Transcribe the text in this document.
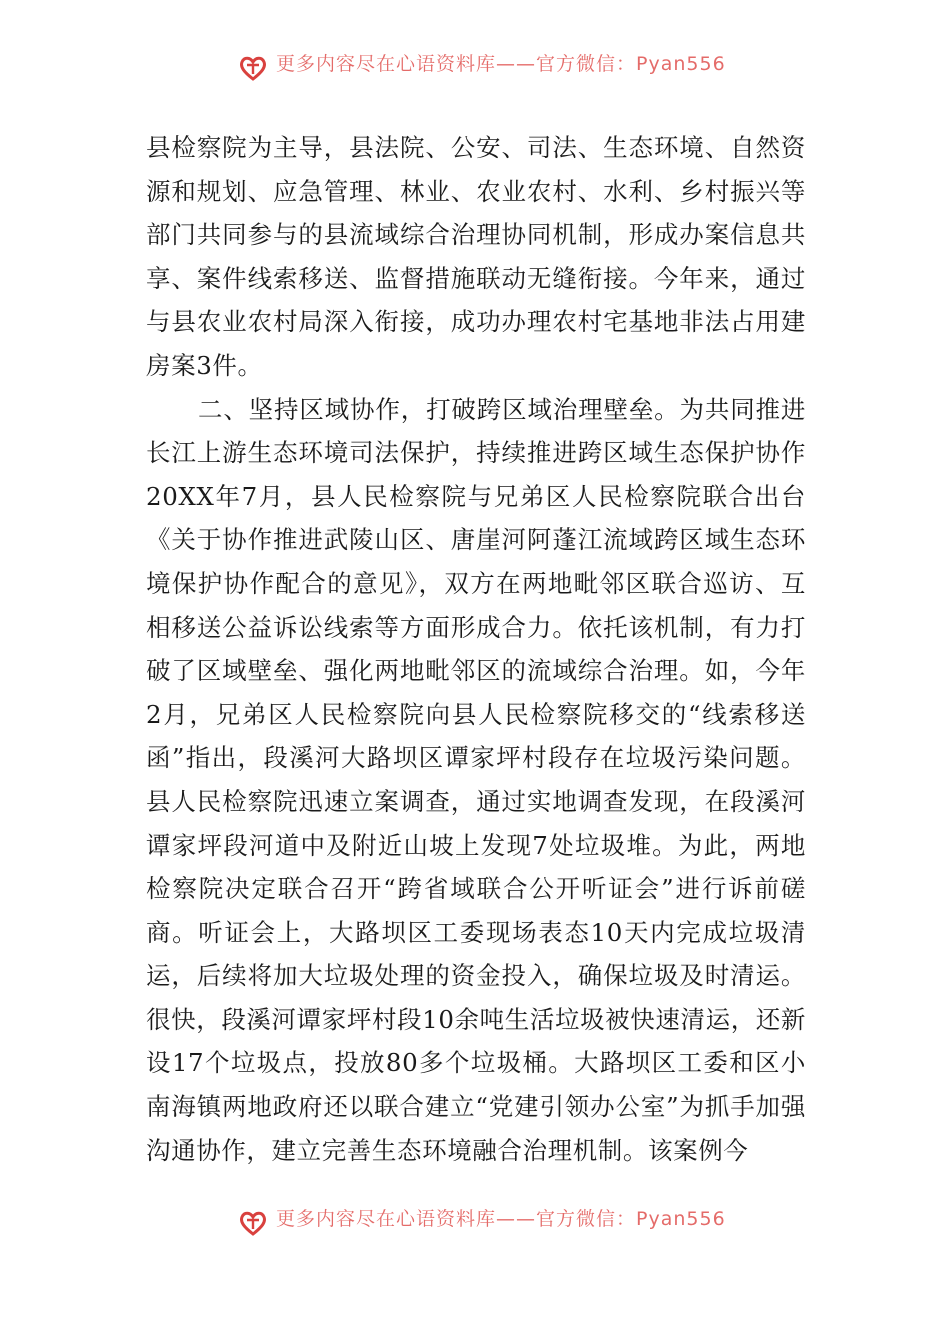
更多内容尽在心语资料库——官方微信：Pyan556

县检察院为主导，县法院、公安、司法、生态环境、自然资源和规划、应急管理、林业、农业农村、水利、乡村振兴等部门共同参与的县流域综合治理协同机制，形成办案信息共享、案件线索移送、监督措施联动无缝衔接。今年来，通过与县农业农村局深入衔接，成功办理农村宅基地非法占用建房案3件。

二、坚持区域协作，打破跨区域治理壁垒。为共同推进长江上游生态环境司法保护，持续推进跨区域生态保护协作20XX年7月，县人民检察院与兄弟区人民检察院联合出台《关于协作推进武陵山区、唐崖河阿蓬江流域跨区域生态环境保护协作配合的意见》，双方在两地毗邻区联合巡访、互相移送公益诉讼线索等方面形成合力。依托该机制，有力打破了区域壁垒、强化两地毗邻区的流域综合治理。如，今年2月，兄弟区人民检察院向县人民检察院移交的“线索移送函”指出，段溪河大路坝区谭家坪村段存在垃圾污染问题。县人民检察院迅速立案调查，通过实地调查发现，在段溪河谭家坪段河道中及附近山坡上发现7处垃圾堆。为此，两地检察院决定联合召开“跨省域联合公开听证会”进行诉前磋商。听证会上，大路坝区工委现场表态10天内完成垃圾清运，后续将加大垃圾处理的资金投入，确保垃圾及时清运。很快，段溪河谭家坪村段10余吨生活垃圾被快速清运，还新设17个垃圾点，投放80多个垃圾桶。大路坝区工委和区小南海镇两地政府还以联合建立“党建引领办公室”为抓手加强沟通协作，建立完善生态环境融合治理机制。该案例今

更多内容尽在心语资料库——官方微信：Pyan556
